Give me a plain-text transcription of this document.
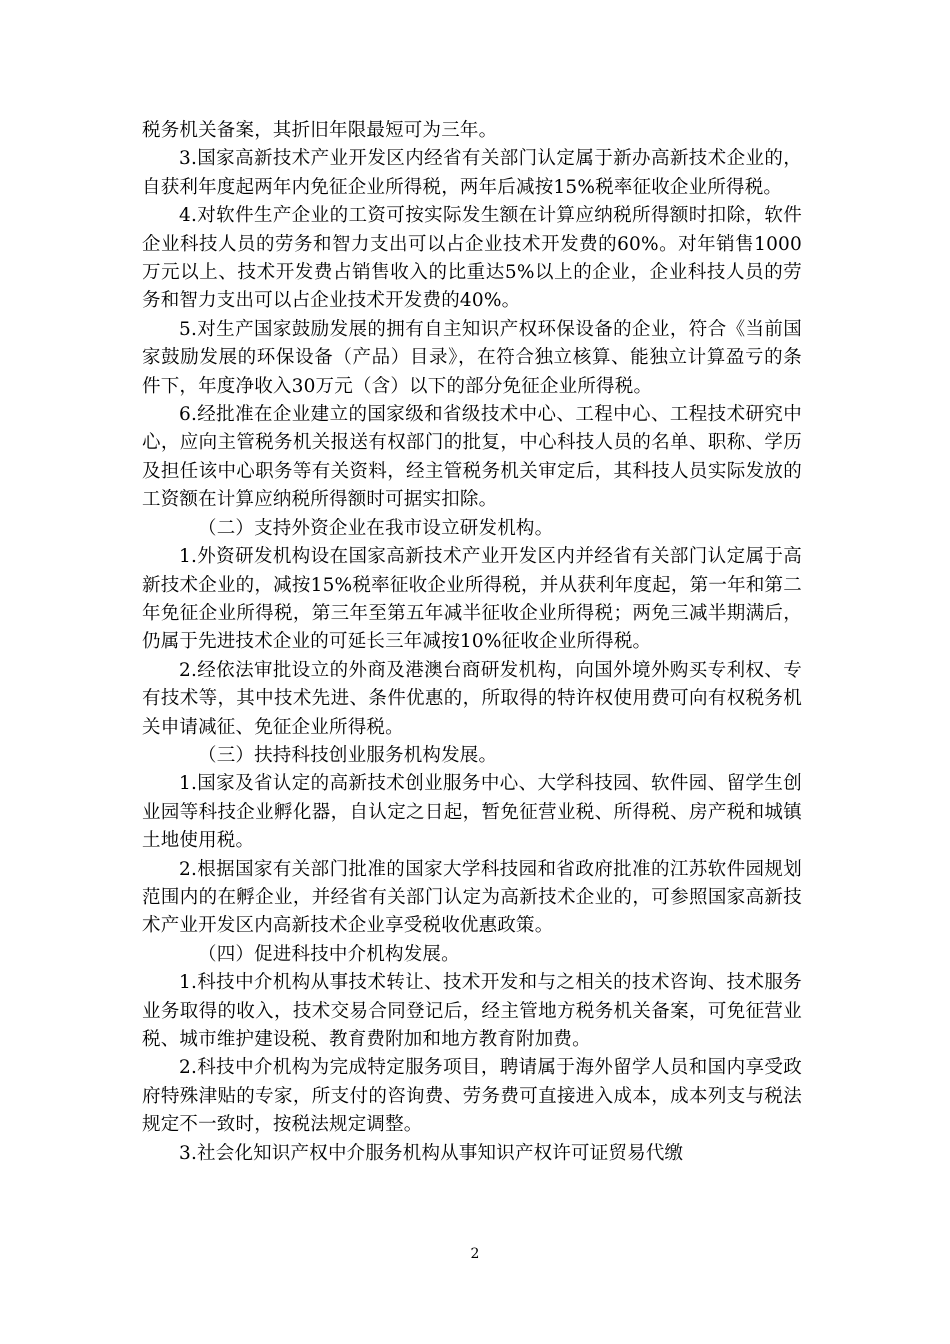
税务机关备案，其折旧年限最短可为三年。

3.国家高新技术产业开发区内经省有关部门认定属于新办高新技术企业的，自获利年度起两年内免征企业所得税，两年后减按15%税率征收企业所得税。

4.对软件生产企业的工资可按实际发生额在计算应纳税所得额时扣除，软件企业科技人员的劳务和智力支出可以占企业技术开发费的60%。对年销售1000万元以上、技术开发费占销售收入的比重达5%以上的企业，企业科技人员的劳务和智力支出可以占企业技术开发费的40%。

5.对生产国家鼓励发展的拥有自主知识产权环保设备的企业，符合《当前国家鼓励发展的环保设备（产品）目录》，在符合独立核算、能独立计算盈亏的条件下，年度净收入30万元（含）以下的部分免征企业所得税。

6.经批准在企业建立的国家级和省级技术中心、工程中心、工程技术研究中心，应向主管税务机关报送有权部门的批复，中心科技人员的名单、职称、学历及担任该中心职务等有关资料，经主管税务机关审定后，其科技人员实际发放的工资额在计算应纳税所得额时可据实扣除。

（二）支持外资企业在我市设立研发机构。

1.外资研发机构设在国家高新技术产业开发区内并经省有关部门认定属于高新技术企业的，减按15%税率征收企业所得税，并从获利年度起，第一年和第二年免征企业所得税，第三年至第五年减半征收企业所得税；两免三减半期满后，仍属于先进技术企业的可延长三年减按10%征收企业所得税。

2.经依法审批设立的外商及港澳台商研发机构，向国外境外购买专利权、专有技术等，其中技术先进、条件优惠的，所取得的特许权使用费可向有权税务机关申请减征、免征企业所得税。

（三）扶持科技创业服务机构发展。

1.国家及省认定的高新技术创业服务中心、大学科技园、软件园、留学生创业园等科技企业孵化器，自认定之日起，暂免征营业税、所得税、房产税和城镇土地使用税。

2.根据国家有关部门批准的国家大学科技园和省政府批准的江苏软件园规划范围内的在孵企业，并经省有关部门认定为高新技术企业的，可参照国家高新技术产业开发区内高新技术企业享受税收优惠政策。

（四）促进科技中介机构发展。

1.科技中介机构从事技术转让、技术开发和与之相关的技术咨询、技术服务业务取得的收入，技术交易合同登记后，经主管地方税务机关备案，可免征营业税、城市维护建设税、教育费附加和地方教育附加费。

2.科技中介机构为完成特定服务项目，聘请属于海外留学人员和国内享受政府特殊津贴的专家，所支付的咨询费、劳务费可直接进入成本，成本列支与税法规定不一致时，按税法规定调整。

3.社会化知识产权中介服务机构从事知识产权许可证贸易代缴

2
